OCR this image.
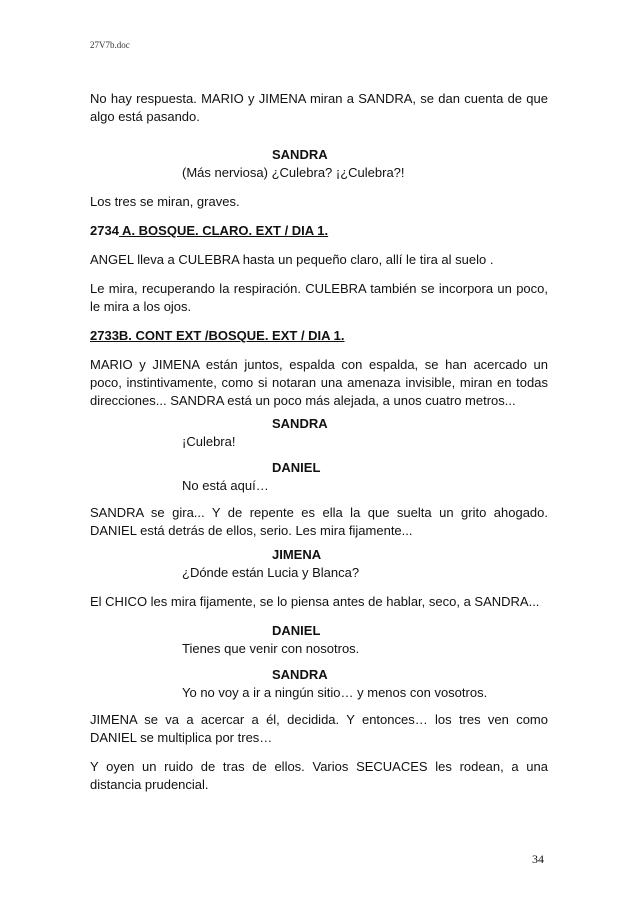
27V7b.doc
No hay respuesta. MARIO y JIMENA miran a SANDRA, se dan cuenta de que algo está pasando.
SANDRA
(Más nerviosa) ¿Culebra? ¡¿Culebra?!
Los tres se miran, graves.
2734 A. BOSQUE. CLARO. EXT / DIA 1.
ANGEL lleva a CULEBRA hasta un pequeño claro, allí le tira al suelo .
Le mira, recuperando la respiración. CULEBRA también se incorpora un poco, le mira a los ojos.
2733B. CONT EXT /BOSQUE. EXT / DIA 1.
MARIO y JIMENA están juntos, espalda con espalda, se han acercado un poco, instintivamente, como si notaran una amenaza invisible, miran en todas direcciones... SANDRA está un poco más alejada, a unos cuatro metros...
SANDRA
¡Culebra!
DANIEL
No está aquí…
SANDRA se gira... Y de repente es ella la que suelta un grito ahogado. DANIEL está detrás de ellos, serio. Les mira fijamente...
JIMENA
¿Dónde están Lucia y Blanca?
El CHICO les mira fijamente, se lo piensa antes de hablar, seco, a SANDRA...
DANIEL
Tienes que venir con nosotros.
SANDRA
Yo no voy a ir a ningún sitio… y menos con vosotros.
JIMENA se va a acercar a él, decidida. Y entonces… los tres ven como DANIEL se multiplica por tres…
Y oyen un ruido de tras de ellos. Varios SECUACES les rodean, a una distancia prudencial.
34
